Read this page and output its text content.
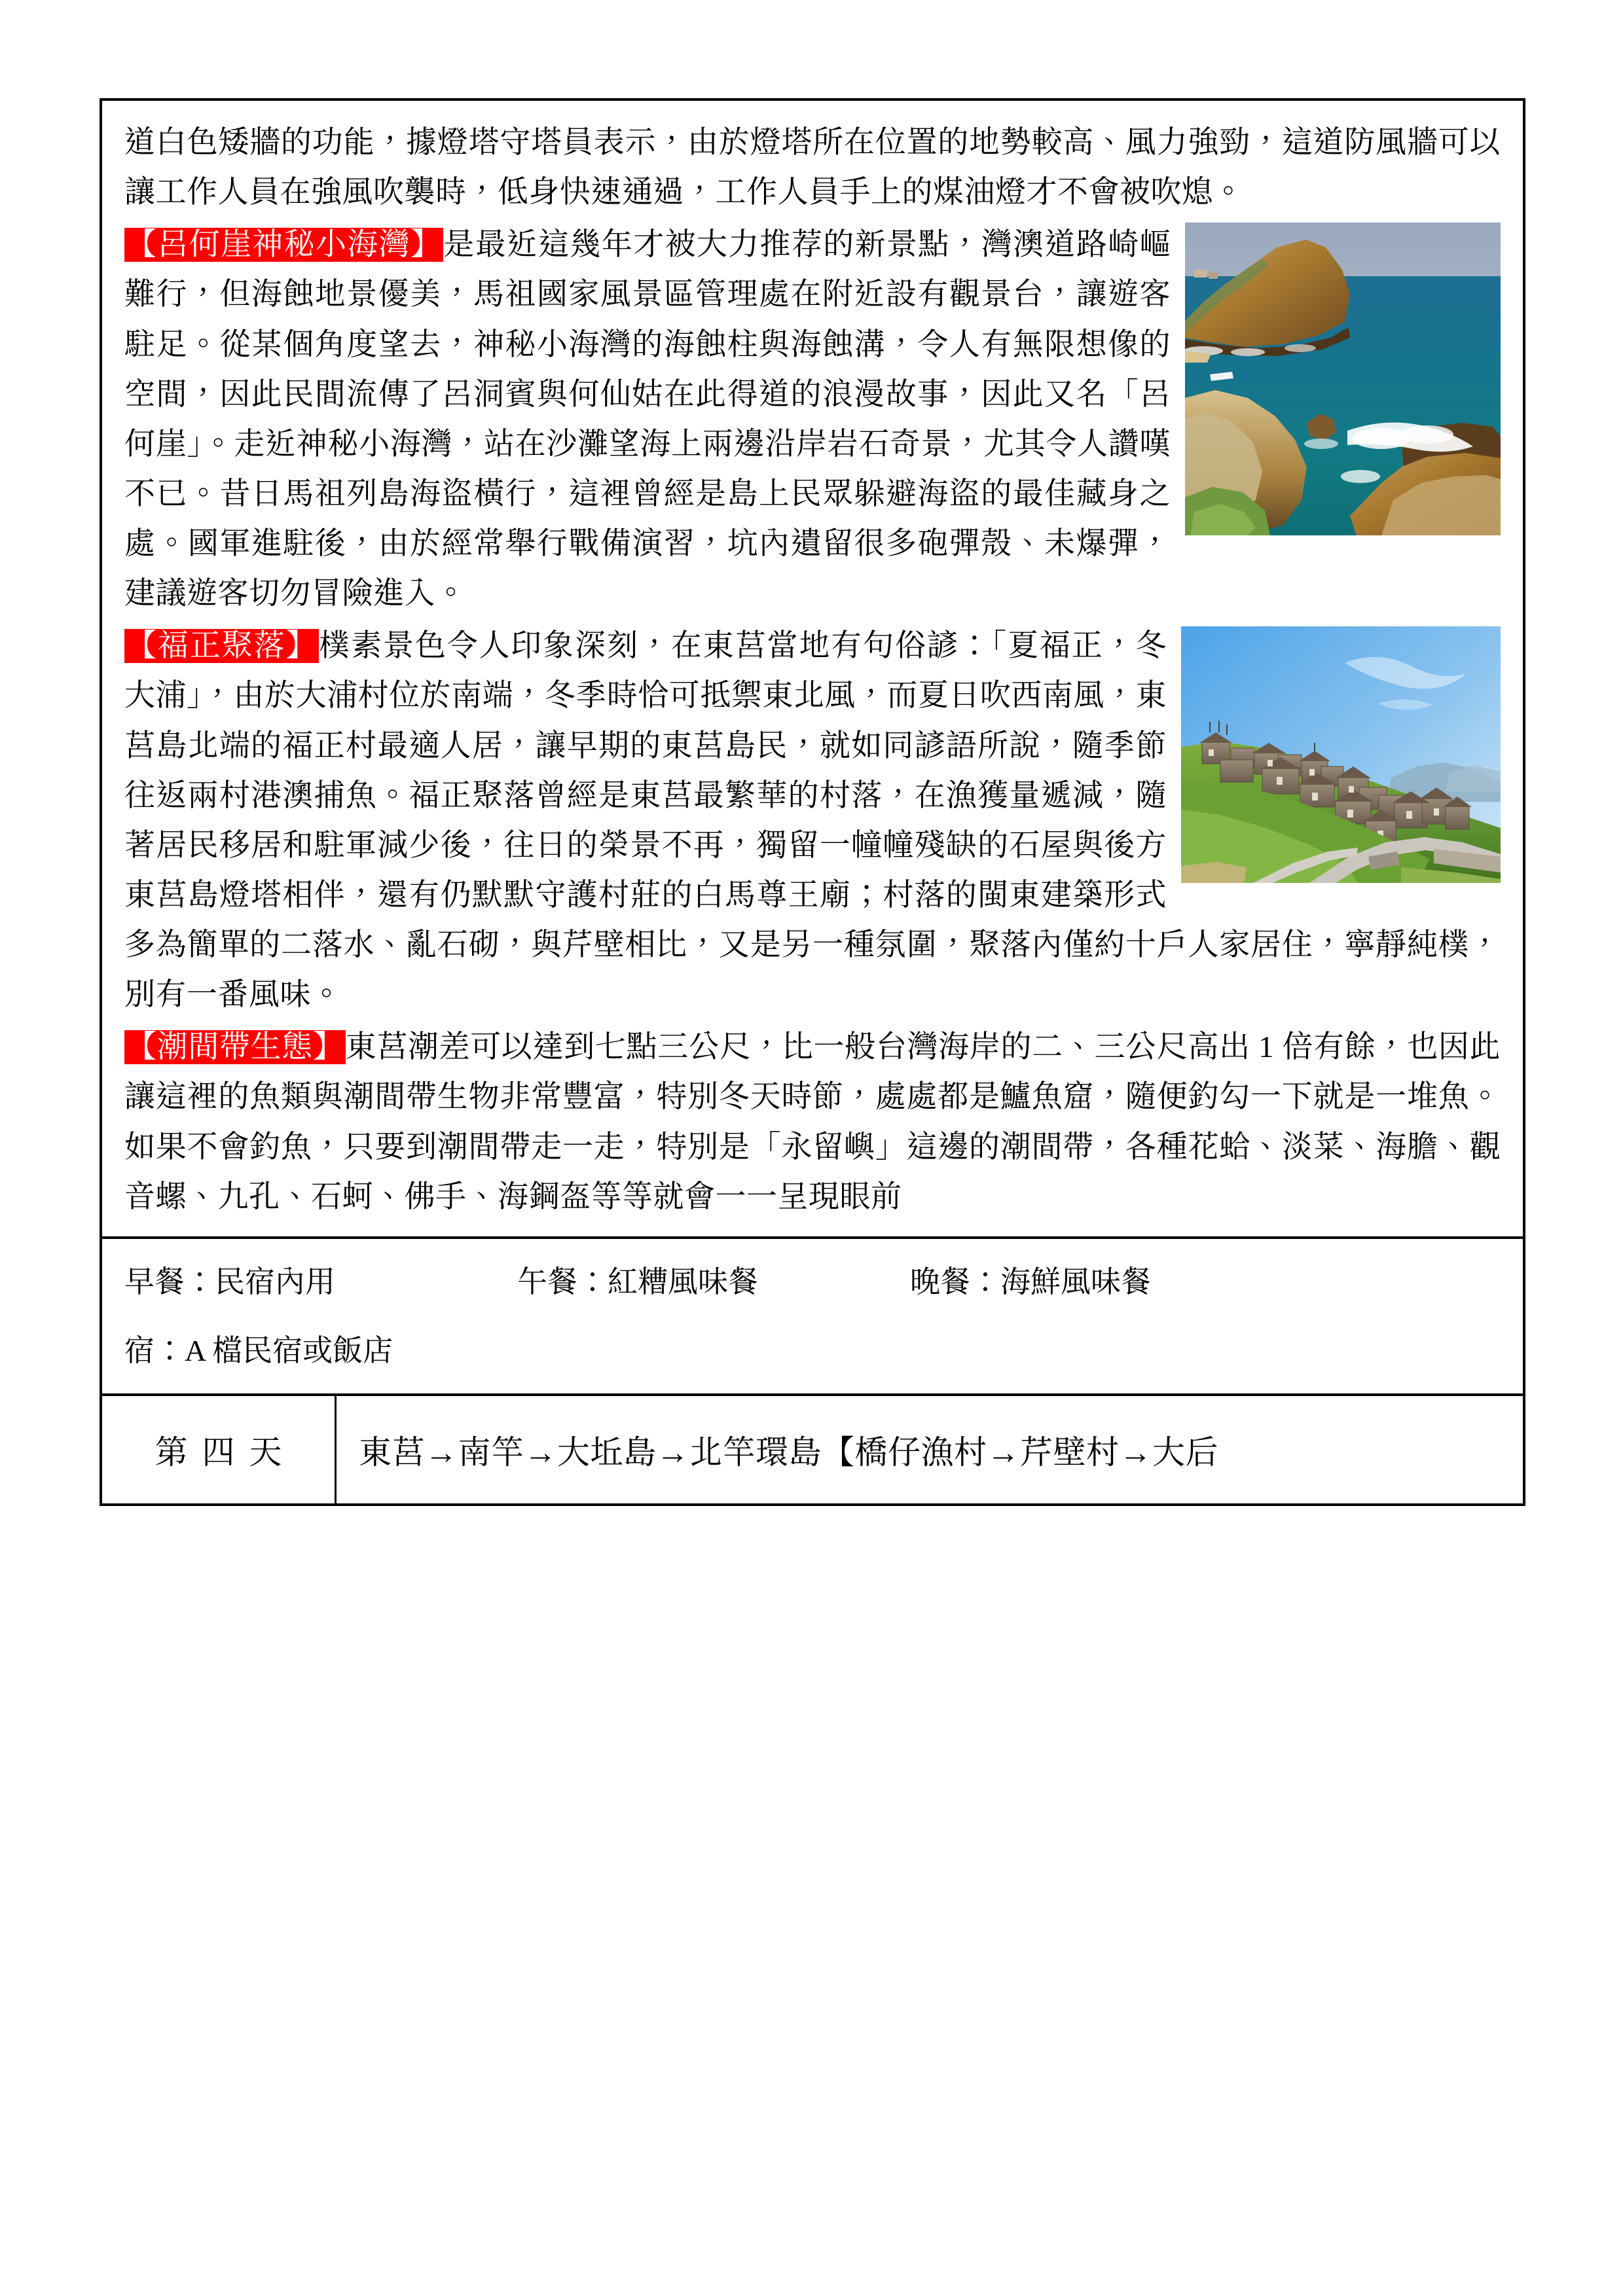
道白色矮牆的功能，據燈塔守塔員表示，由於燈塔所在位置的地勢較高、風力強勁，這道防風牆可以讓工作人員在強風吹襲時，低身快速通過，工作人員手上的煤油燈才不會被吹熄。

【呂何崖神秘小海灣】是最近這幾年才被大力推荐的新景點，灣澳道路崎嶇難行，但海蝕地景優美，馬祖國家風景區管理處在附近設有觀景台，讓遊客駐足。從某個角度望去，神秘小海灣的海蝕柱與海蝕溝，令人有無限想像的空間，因此民間流傳了呂洞賓與何仙姑在此得道的浪漫故事，因此又名「呂何崖」。走近神秘小海灣，站在沙灘望海上兩邊沿岸岩石奇景，尤其令人讚嘆不已。昔日馬祖列島海盜橫行，這裡曾經是島上民眾躲避海盜的最佳藏身之處。國軍進駐後，由於經常舉行戰備演習，坑內遺留很多砲彈殼、未爆彈，建議遊客切勿冒險進入。

【福正聚落】樸素景色令人印象深刻，在東莒當地有句俗諺：「夏福正，冬大浦」，由於大浦村位於南端，冬季時恰可抵禦東北風，而夏日吹西南風，東莒島北端的福正村最適人居，讓早期的東莒島民，就如同諺語所說，隨季節往返兩村港澳捕魚。福正聚落曾經是東莒最繁華的村落，在漁獲量遞減，隨著居民移居和駐軍減少後，往日的榮景不再，獨留一幢幢殘缺的石屋與後方東莒島燈塔相伴，還有仍默默守護村莊的白馬尊王廟；村落的閩東建築形式多為簡單的二落水、亂石砌，與芹壁相比，又是另一種氛圍，聚落內僅約十戶人家居住，寧靜純樸，別有一番風味。

【潮間帶生態】東莒潮差可以達到七點三公尺，比一般台灣海岸的二、三公尺高出 1 倍有餘，也因此讓這裡的魚類與潮間帶生物非常豐富，特別冬天時節，處處都是鱸魚窟，隨便釣勾一下就是一堆魚。如果不會釣魚，只要到潮間帶走一走，特別是「永留嶼」這邊的潮間帶，各種花蛤、淡菜、海膽、觀音螺、九孔、石蚵、佛手、海鋼盔等等就會一一呈現眼前

早餐：民宿內用	午餐：紅糟風味餐	晚餐：海鮮風味餐
宿：A 檔民宿或飯店
第四天 東莒→南竿→大坵島→北竿環島【橋仔漁村→芹壁村→大后
